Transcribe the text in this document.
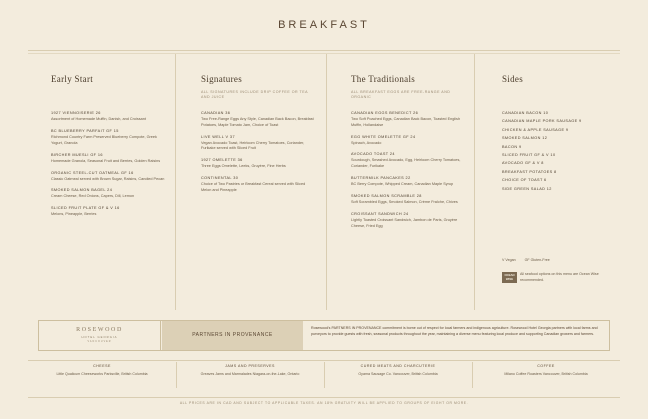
BREAKFAST
Early Start
1927 VIENNOISERIE 26
Assortment of Homemade Muffin, Danish, and Croissant
BC BLUEBERRY PARFAIT GF 15
Richmond Country Farm Preserved Blueberry Compote, Greek Yogurt, Granola
BIRCHER MUESLI GF 16
Homemade Granola, Seasonal Fruit and Berries, Golden Raisins
ORGANIC STEEL-CUT OATMEAL GF 16
Classic Oatmeal served with Brown Sugar, Raisins, Candied Pecan
SMOKED SALMON BAGEL 24
Cream Cheese, Red Onions, Capers, Dill, Lemon
SLICED FRUIT PLATE GF & V 16
Melons, Pineapple, Berries
Signatures
ALL SIGNATURES INCLUDE DRIP COFFEE OR TEA AND JUICE
CANADIAN 36
Two Free-Range Eggs Any Style, Canadian Back Bacon, Breakfast Potatoes, Maple Tomato Jam, Choice of Toast
LIVE WELL V 37
Vegan Avocado Toast, Heirloom Cherry Tomatoes, Coriander, Furikake served with Sliced Fruit
1927 OMELETTE 36
Three Eggs Omelette, Leeks, Gruyère, Fine Herbs
CONTINENTAL 30
Choice of Two Pastries or Breakfast Cereal served with Sliced Melon and Pineapple
The Traditionals
ALL BREAKFAST EGGS ARE FREE-RANGE AND ORGANIC
CANADIAN EGGS BENEDICT 26
Two Soft Poached Eggs, Canadian Back Bacon, Toasted English Muffin, Hollandaise
EGG WHITE OMELETTE GF 24
Spinach, Avocado
AVOCADO TOAST 24
Sourdough, Smashed Avocado, Egg, Heirloom Cherry Tomatoes, Coriander, Furikake
BUTTERMILK PANCAKES 22
BC Berry Compote, Whipped Cream, Canadian Maple Syrup
SMOKED SALMON SCRAMBLE 28
Soft Scrambled Eggs, Smoked Salmon, Crème Fraîche, Chives
CROISSANT SANDWICH 24
Lightly Toasted Croissant Sandwich, Jambon de Paris, Gruyère Cheese, Fried Egg
Sides
CANADIAN BACON 10
CANADIAN MAPLE PORK SAUSAGE 9
CHICKEN & APPLE SAUSAGE 9
SMOKED SALMON 12
BACON 9
SLICED FRUIT GF & V 10
AVOCADO GF & V 8
BREAKFAST POTATOES 8
CHOICE OF TOAST 6
SIDE GREEN SALAD 12
V Vegan	GF Gluten-Free
OCEAN WISE
All seafood options on this menu are Ocean Wise recommended.
ROSEWOOD
HOTEL GEORGIA
VANCOUVER
PARTNERS IN PROVENANCE
Rosewood's PARTNERS IN PROVENANCE commitment is borne out of respect for local farmers and indigenous agriculture. Rosewood Hotel Georgia partners with local farms and purveyors to provide guests with fresh, seasonal products throughout the year, maintaining a diverse menu featuring local produce and supporting Canadian growers and farmers.
CHEESE
Little Qualicum Cheeseworks Parksville, British Columbia
JAMS AND PRESERVES
Greaves Jams and Marmalades Niagara-on-the-Lake, Ontario
CURED MEATS AND CHARCUTERIE
Oyama Sausage Co. Vancouver, British Columbia
COFFEE
Milano Coffee Roasters Vancouver, British Columbia
ALL PRICES ARE IN CAD AND SUBJECT TO APPLICABLE TAXES. AN 18% GRATUITY WILL BE APPLIED TO GROUPS OF EIGHT OR MORE.
